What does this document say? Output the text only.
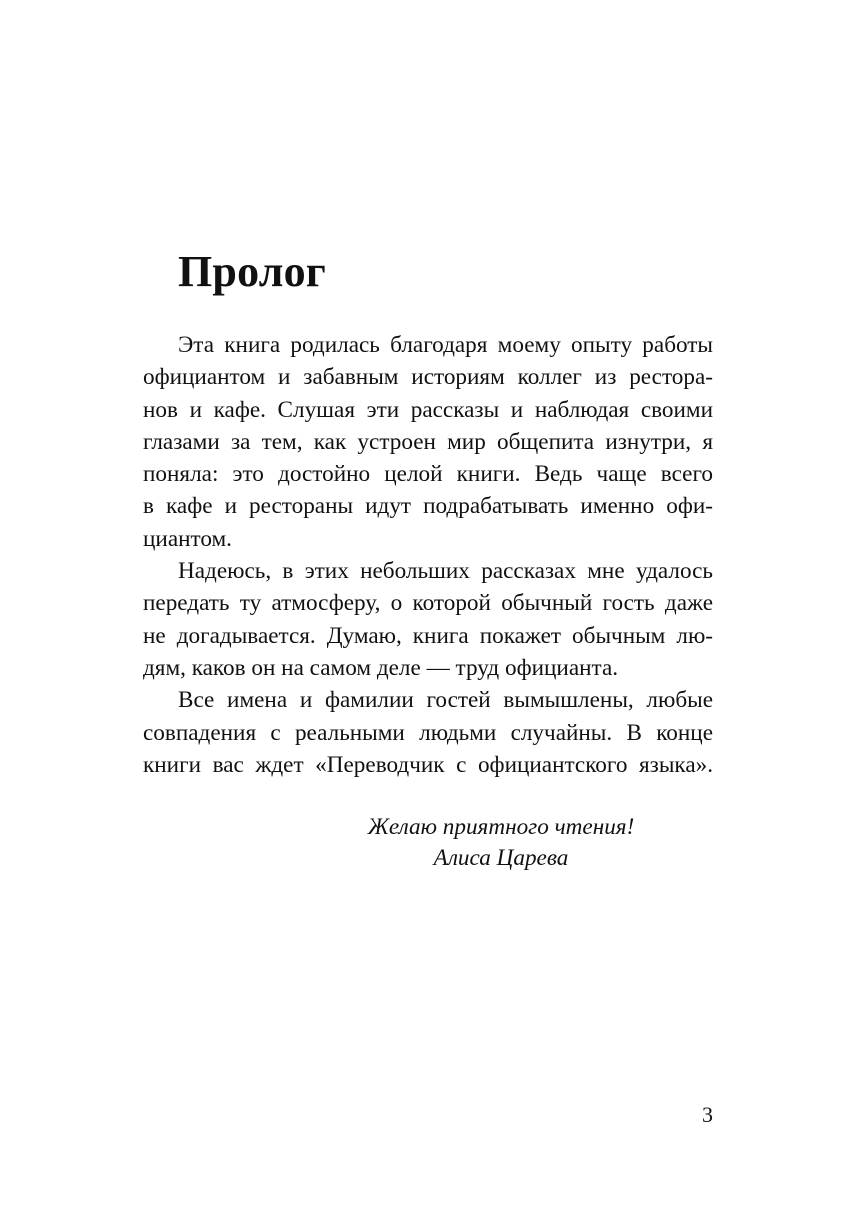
Пролог
Эта книга родилась благодаря моему опыту работы
официантом и забавным историям коллег из рестора-
нов и кафе. Слушая эти рассказы и наблюдая своими
глазами за тем, как устроен мир общепита изнутри, я
поняла: это достойно целой книги. Ведь чаще всего
в кафе и рестораны идут подрабатывать именно офи-
циантом.
Надеюсь, в этих небольших рассказах мне удалось
передать ту атмосферу, о которой обычный гость даже
не догадывается. Думаю, книга покажет обычным лю-
дям, каков он на самом деле — труд официанта.
Все имена и фамилии гостей вымышлены, любые
совпадения с реальными людьми случайны. В конце
книги вас ждет «Переводчик с официантского языка».
Желаю приятного чтения!
Алиса Царева
3
